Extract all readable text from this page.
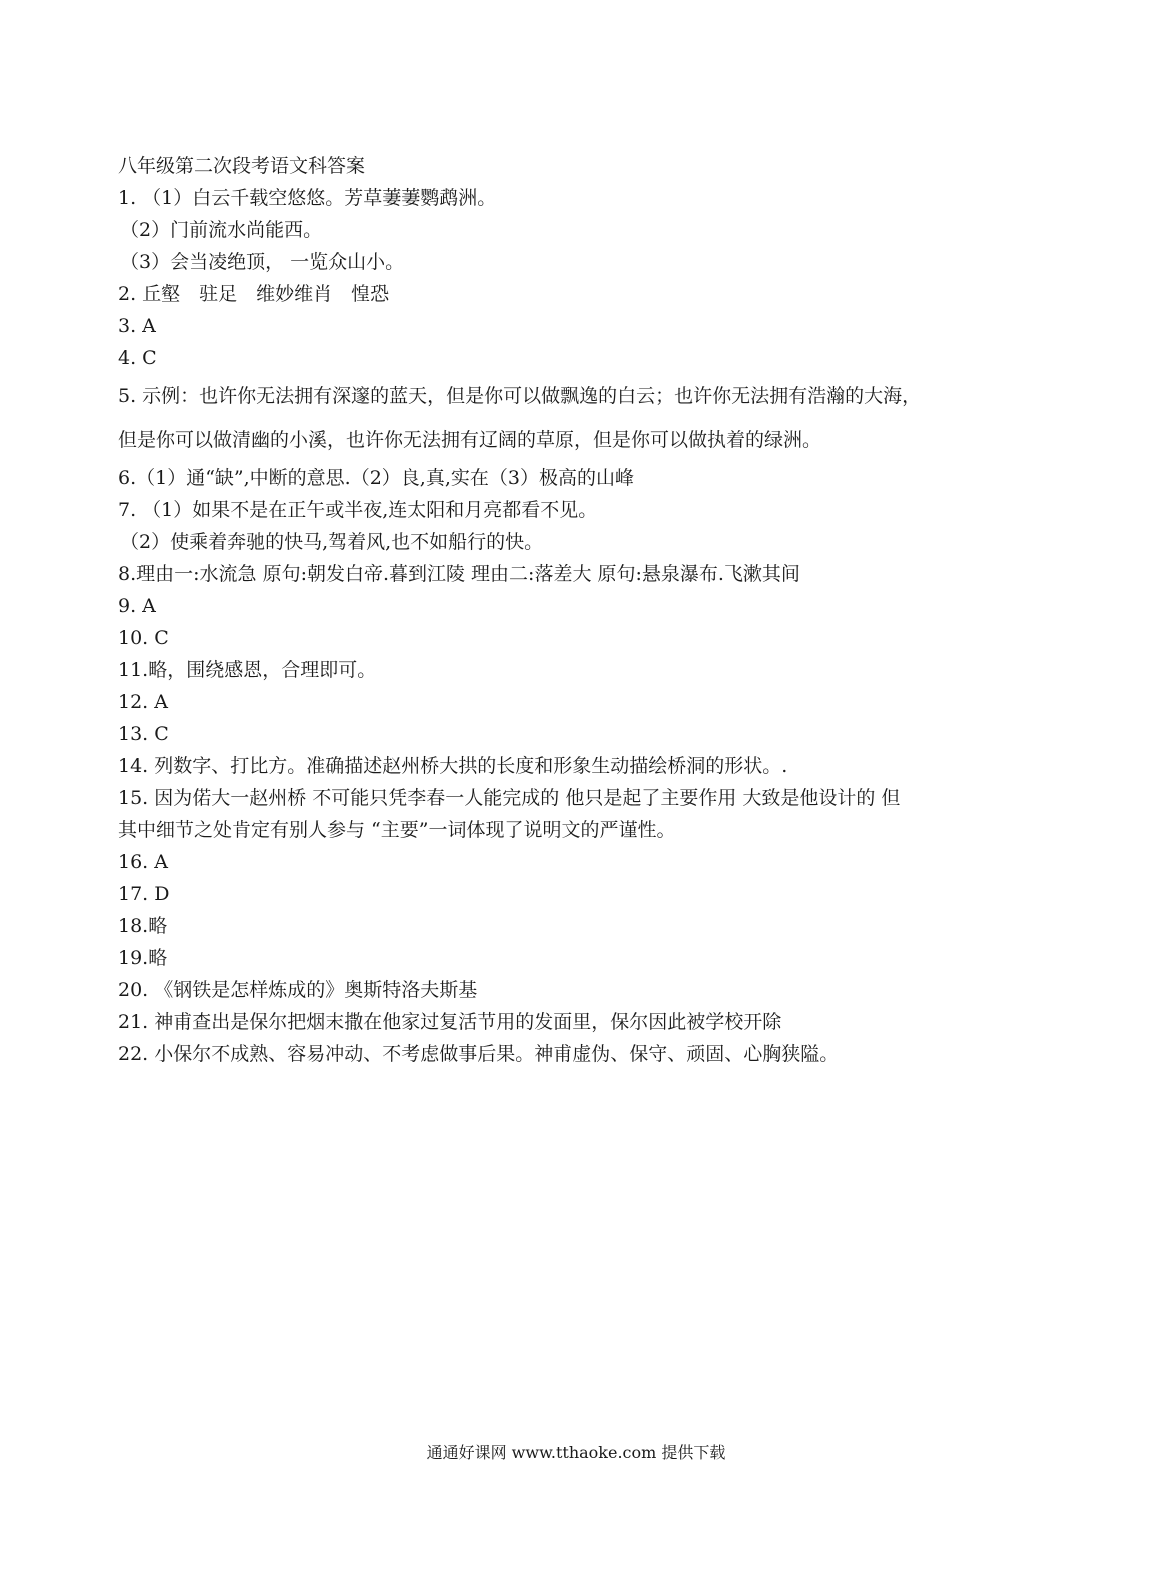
八年级第二次段考语文科答案
1. （1）白云千载空悠悠。芳草萋萋鹦鹉洲。
（2）门前流水尚能西。
（3）会当凌绝顶， 一览众山小。
2. 丘壑　驻足　维妙维肖　惶恐
3. A
4. C
5. 示例：也许你无法拥有深邃的蓝天，但是你可以做飘逸的白云；也许你无法拥有浩瀚的大海，
但是你可以做清幽的小溪，也许你无法拥有辽阔的草原，但是你可以做执着的绿洲。
6.（1）通“缺”,中断的意思.（2）良,真,实在（3）极高的山峰
7. （1）如果不是在正午或半夜,连太阳和月亮都看不见。
（2）使乘着奔驰的快马,驾着风,也不如船行的快。
8.理由一:水流急 原句:朝发白帝.暮到江陵 理由二:落差大 原句:悬泉瀑布.飞漱其间
9. A
10. C
11.略，围绕感恩，合理即可。
12. A
13. C
14. 列数字、打比方。准确描述赵州桥大拱的长度和形象生动描绘桥洞的形状。.
15. 因为偌大一赵州桥 不可能只凭李春一人能完成的 他只是起了主要作用 大致是他设计的 但
其中细节之处肯定有别人参与 “主要”一词体现了说明文的严谨性。
16. A
17. D
18.略
19.略
20. 《钢铁是怎样炼成的》奥斯特洛夫斯基
21. 神甫查出是保尔把烟末撒在他家过复活节用的发面里，保尔因此被学校开除
22. 小保尔不成熟、容易冲动、不考虑做事后果。神甫虚伪、保守、顽固、心胸狭隘。
通通好课网 www.tthaoke.com 提供下载
